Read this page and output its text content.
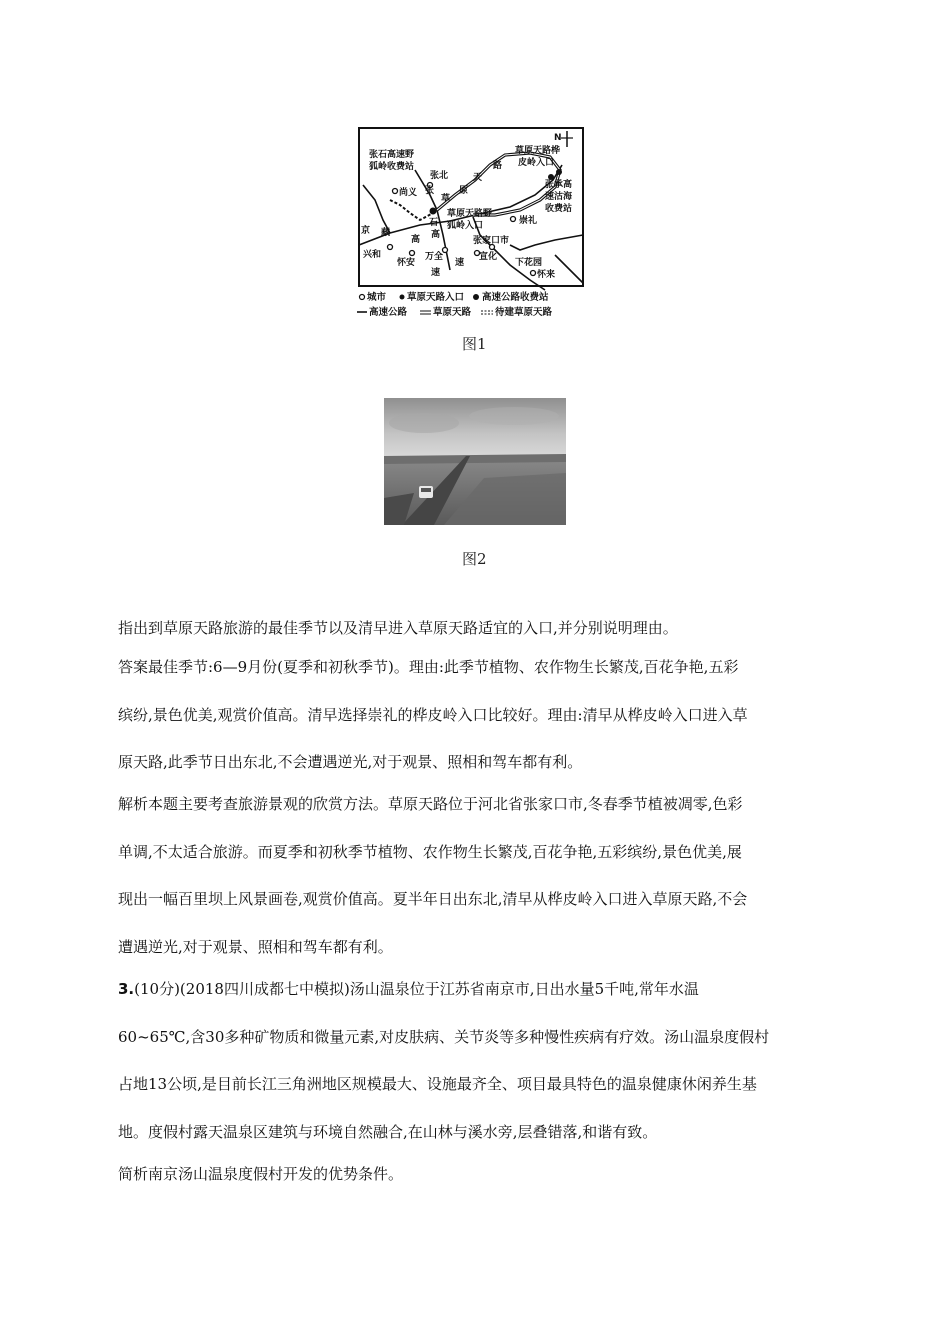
N
张石高速野
狐岭收费站
张北
尚义
天
路
草
原
张
草原天路桦
皮岭入口
张承高
速沽海
收费站
草原天路野
狐岭入口	崇礼
石
高
京 藏
高	张家口市
兴和
怀安
万全
速
速
宣化
下花园
怀来
城市 草原天路入口 高速公路收费站
高速公路	草原天路	待建草原天路
图1
图2
指出到草原天路旅游的最佳季节以及清早进入草原天路适宜的入口,并分别说明理由。
答案最佳季节:6—9月份(夏季和初秋季节)。理由:此季节植物、农作物生长繁茂,百花争艳,五彩
缤纷,景色优美,观赏价值高。清早选择崇礼的桦皮岭入口比较好。理由:清早从桦皮岭入口进入草
原天路,此季节日出东北,不会遭遇逆光,对于观景、照相和驾车都有利。
解析本题主要考查旅游景观的欣赏方法。草原天路位于河北省张家口市,冬春季节植被凋零,色彩
单调,不太适合旅游。而夏季和初秋季节植物、农作物生长繁茂,百花争艳,五彩缤纷,景色优美,展
现出一幅百里坝上风景画卷,观赏价值高。夏半年日出东北,清早从桦皮岭入口进入草原天路,不会
遭遇逆光,对于观景、照相和驾车都有利。
3.(10分)(2018四川成都七中模拟)汤山温泉位于江苏省南京市,日出水量5千吨,常年水温
60~65℃,含30多种矿物质和微量元素,对皮肤病、关节炎等多种慢性疾病有疗效。汤山温泉度假村
占地13公顷,是目前长江三角洲地区规模最大、设施最齐全、项目最具特色的温泉健康休闲养生基
地。度假村露天温泉区建筑与环境自然融合,在山林与溪水旁,层叠错落,和谐有致。
简析南京汤山温泉度假村开发的优势条件。
